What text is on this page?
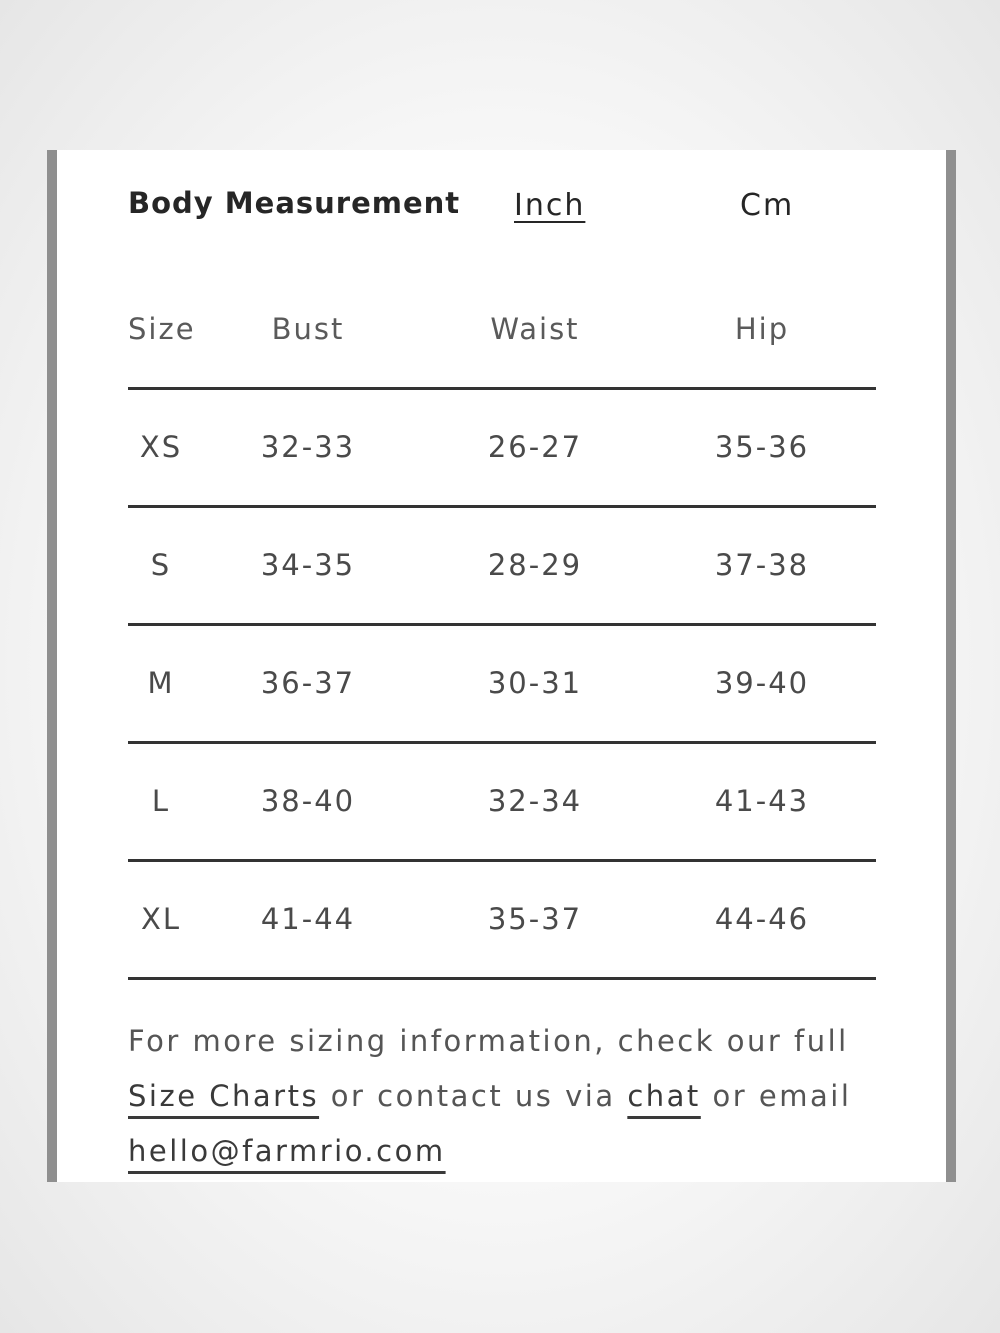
Body Measurement Inch	Cm
Size	Bust	Waist	Hip
XS	32-33	26-27	35-36
S	34-35	28-29	37-38
M	36-37	30-31	39-40
L	38-40	32-34	41-43
XL	41-44	35-37	44-46
For more sizing information, check our full
Size Charts or contact us via chat or email
hello@farmrio.com
